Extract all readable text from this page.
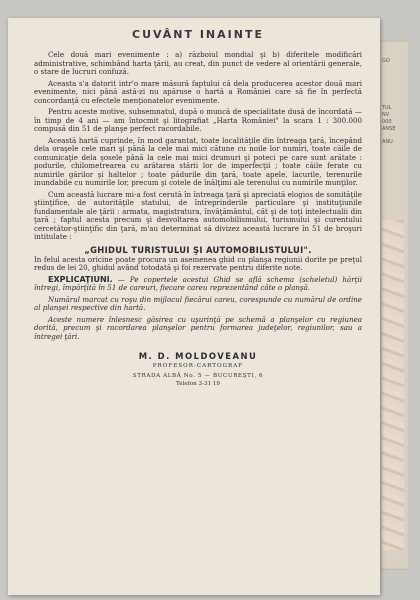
GO
TUL
NV
000
ANSE
ANU
CUVÂNT INAINTE

Cele două mari evenimente : a) războiul mondial şi b) diferitele modificări administrative, schimbând harta ţării, au creat, din punct de vedere al orientării generale, o stare de lucruri confuză.

Aceasta s'a datorit intr'o mare măsură faptului că dela producerea acestor două mari evenimente, nici până astă-zi nu apăruse o hartă a României care să fie în perfectă concordanţă cu efectele menţionatelor evenimente.

Pentru aceste motive, subsemnatul, după o muncă de specialitate dusă de încordată — în timp de 4 ani — am întocmit şi litografiat „Harta României" la scara 1 : 300.000 compusă din 51 de planşe perfect racordabile.

Această hartă cuprinde, în mod garantat, toate localităţile din întreaga ţară, începând dela oraşele cele mari şi până la cele mai mici cătune cu noile lor numiri, toate căile de comunicaţie dela şosele până la cele mai mici drumuri şi poteci pe care sunt arătate : podurile, chilometrearea cu arătarea stării lor de imperfecţii ; toate căile ferate cu numirile gărilor şi haltelor ; toate pădurile din ţară, toate apele, lacurile, terenurile inundabile cu numirile lor, precum şi cotele de înălţimi ale terenului cu numirile munţilor.

Cum această lucrare mi-a fost cerută în întreaga ţară şi apreciată elogios de somităţile ştiinţifice, de autorităţile statului, de întreprinderile particulare şi instituţiunile fundamentale ale ţării : armata, magistratura, învăţământul, cât şi de toţi intelectualii din ţară ; faptul acesta precum şi desvoltarea automobilismului, turismului şi curentului cercetător-ştiinţific din ţară, m'au determinat să divizez această lucrare în 51 de broşuri intitulate :

„GHIDUL TURISTULUI ŞI AUTOMOBILISTULUI".

In felul acesta oricine poate procura un asemenea ghid cu planşa regiunii dorite pe preţul redus de lei 20, ghidul având totodată şi foi rezervate pentru diferite note.

EXPLICAŢIUNI. — Pe copertele acestui Ghid se află schema (scheletul) hărţii întregi, împărţită în 51 de careuri, fiecare careu reprezentând câte o planşă.

Numărul marcat cu roşu din mijlocul fiecărui careu, corespunde cu numărul de ordine al planşei respective din hartă.

Aceste numere înlesnesc găsirea cu uşurinţă pe schemă a planşelor cu regiunea dorită, precum şi racordarea planşelor pentru formarea judeţelor, regiunilor, sau a întregei ţări.

M. D. MOLDOVEANU
PROFESOR-CARTOGRAF
STRADA ALBĂ No. 5 — BUCUREŞTI, 6
Telefon 3-31 19
